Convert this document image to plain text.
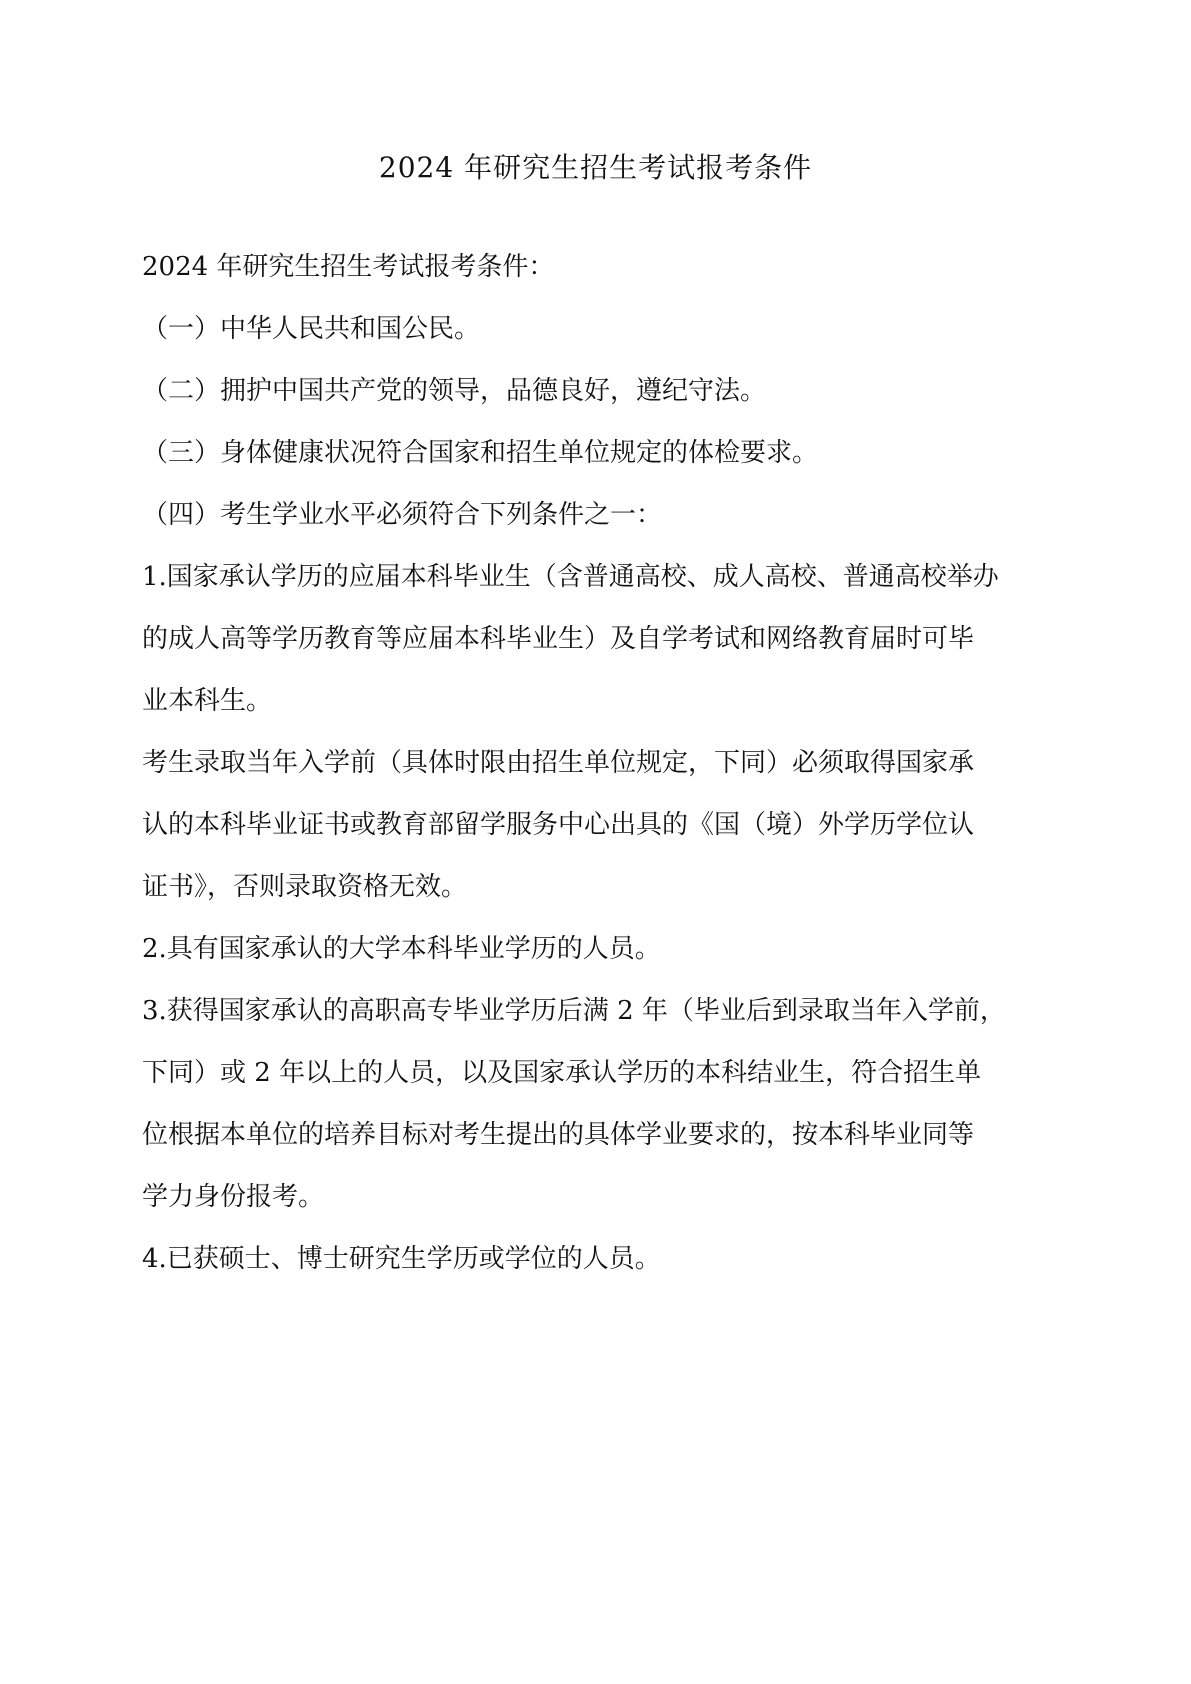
2024 年研究生招生考试报考条件
2024 年研究生招生考试报考条件：
（一）中华人民共和国公民。
（二）拥护中国共产党的领导，品德良好，遵纪守法。
（三）身体健康状况符合国家和招生单位规定的体检要求。
（四）考生学业水平必须符合下列条件之一：
1.国家承认学历的应届本科毕业生（含普通高校、成人高校、普通高校举办
的成人高等学历教育等应届本科毕业生）及自学考试和网络教育届时可毕
业本科生。
考生录取当年入学前（具体时限由招生单位规定，下同）必须取得国家承
认的本科毕业证书或教育部留学服务中心出具的《国（境）外学历学位认
证书》，否则录取资格无效。
2.具有国家承认的大学本科毕业学历的人员。
3.获得国家承认的高职高专毕业学历后满 2 年（毕业后到录取当年入学前，
下同）或 2 年以上的人员，以及国家承认学历的本科结业生，符合招生单
位根据本单位的培养目标对考生提出的具体学业要求的，按本科毕业同等
学力身份报考。
4.已获硕士、博士研究生学历或学位的人员。
